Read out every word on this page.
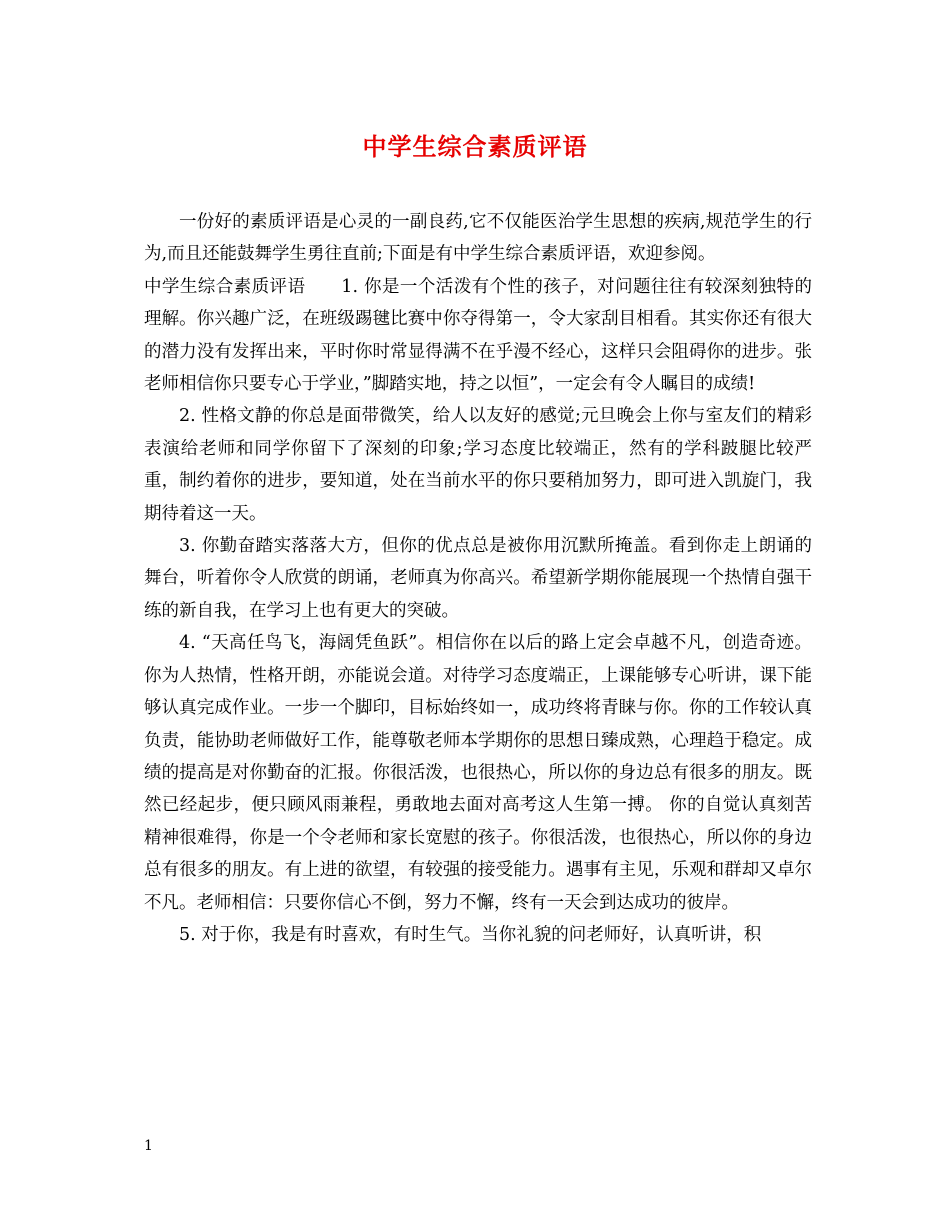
中学生综合素质评语

一份好的素质评语是心灵的一副良药,它不仅能医治学生思想的疾病,规范学生的行为,而且还能鼓舞学生勇往直前;下面是有中学生综合素质评语，欢迎参阅。

中学生综合素质评语　　1. 你是一个活泼有个性的孩子，对问题往往有较深刻独特的理解。你兴趣广泛，在班级踢毽比赛中你夺得第一，令大家刮目相看。其实你还有很大的潜力没有发挥出来，平时你时常显得满不在乎漫不经心，这样只会阻碍你的进步。张老师相信你只要专心于学业，”脚踏实地，持之以恒”，一定会有令人瞩目的成绩!

2. 性格文静的你总是面带微笑，给人以友好的感觉;元旦晚会上你与室友们的精彩表演给老师和同学你留下了深刻的印象;学习态度比较端正，然有的学科跛腿比较严重，制约着你的进步，要知道，处在当前水平的你只要稍加努力，即可进入凯旋门，我期待着这一天。

3. 你勤奋踏实落落大方，但你的优点总是被你用沉默所掩盖。看到你走上朗诵的舞台，听着你令人欣赏的朗诵，老师真为你高兴。希望新学期你能展现一个热情自强干练的新自我，在学习上也有更大的突破。

4. “天高任鸟飞，海阔凭鱼跃”。相信你在以后的路上定会卓越不凡，创造奇迹。你为人热情，性格开朗，亦能说会道。对待学习态度端正，上课能够专心听讲，课下能够认真完成作业。一步一个脚印，目标始终如一，成功终将青睐与你。你的工作较认真负责，能协助老师做好工作，能尊敬老师本学期你的思想日臻成熟，心理趋于稳定。成绩的提高是对你勤奋的汇报。你很活泼，也很热心，所以你的身边总有很多的朋友。既然已经起步，便只顾风雨兼程，勇敢地去面对高考这人生第一搏。 你的自觉认真刻苦精神很难得，你是一个令老师和家长宽慰的孩子。你很活泼，也很热心，所以你的身边总有很多的朋友。有上进的欲望，有较强的接受能力。遇事有主见，乐观和群却又卓尔不凡。老师相信：只要你信心不倒，努力不懈，终有一天会到达成功的彼岸。

5. 对于你，我是有时喜欢，有时生气。当你礼貌的问老师好，认真听讲，积

1
